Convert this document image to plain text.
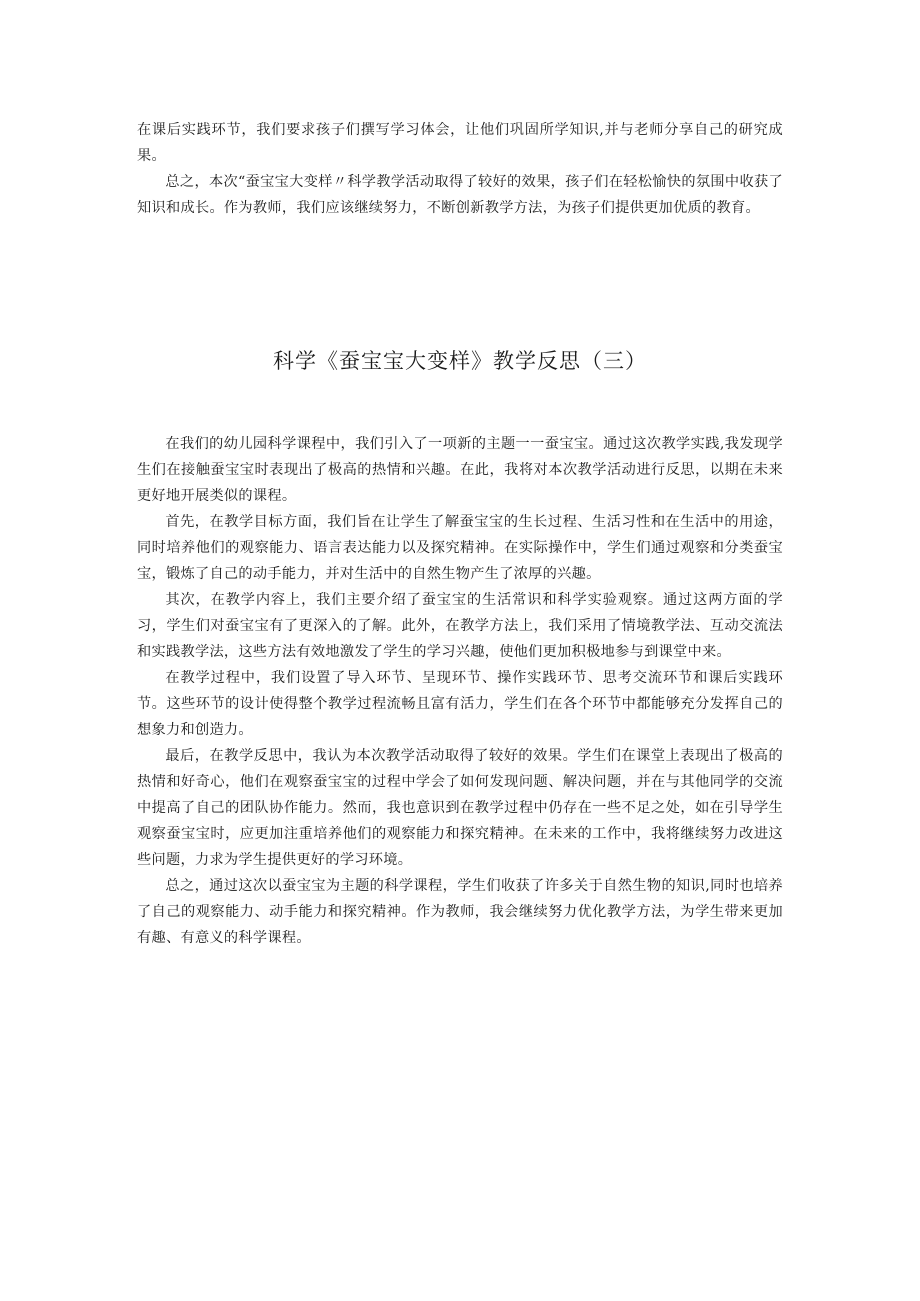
在课后实践环节，我们要求孩子们撰写学习体会，让他们巩固所学知识,并与老师分享自己的研究成果。

总之，本次“蚕宝宝大变样〃科学教学活动取得了较好的效果，孩子们在轻松愉快的氛围中收获了知识和成长。作为教师，我们应该继续努力，不断创新教学方法，为孩子们提供更加优质的教育。

科学《蚕宝宝大变样》教学反思（三）

在我们的幼儿园科学课程中，我们引入了一项新的主题一一蚕宝宝。通过这次教学实践,我发现学生们在接触蚕宝宝时表现出了极高的热情和兴趣。在此，我将对本次教学活动进行反思，以期在未来更好地开展类似的课程。

首先，在教学目标方面，我们旨在让学生了解蚕宝宝的生长过程、生活习性和在生活中的用途，同时培养他们的观察能力、语言表达能力以及探究精神。在实际操作中，学生们通过观察和分类蚕宝宝，锻炼了自己的动手能力，并对生活中的自然生物产生了浓厚的兴趣。

其次，在教学内容上，我们主要介绍了蚕宝宝的生活常识和科学实验观察。通过这两方面的学习，学生们对蚕宝宝有了更深入的了解。此外，在教学方法上，我们采用了情境教学法、互动交流法和实践教学法，这些方法有效地激发了学生的学习兴趣，使他们更加积极地参与到课堂中来。

在教学过程中，我们设置了导入环节、呈现环节、操作实践环节、思考交流环节和课后实践环节。这些环节的设计使得整个教学过程流畅且富有活力，学生们在各个环节中都能够充分发挥自己的想象力和创造力。

最后，在教学反思中，我认为本次教学活动取得了较好的效果。学生们在课堂上表现出了极高的热情和好奇心，他们在观察蚕宝宝的过程中学会了如何发现问题、解决问题，并在与其他同学的交流中提高了自己的团队协作能力。然而，我也意识到在教学过程中仍存在一些不足之处，如在引导学生观察蚕宝宝时，应更加注重培养他们的观察能力和探究精神。在未来的工作中，我将继续努力改进这些问题，力求为学生提供更好的学习环境。

总之，通过这次以蚕宝宝为主题的科学课程，学生们收获了许多关于自然生物的知识,同时也培养了自己的观察能力、动手能力和探究精神。作为教师，我会继续努力优化教学方法，为学生带来更加有趣、有意义的科学课程。
